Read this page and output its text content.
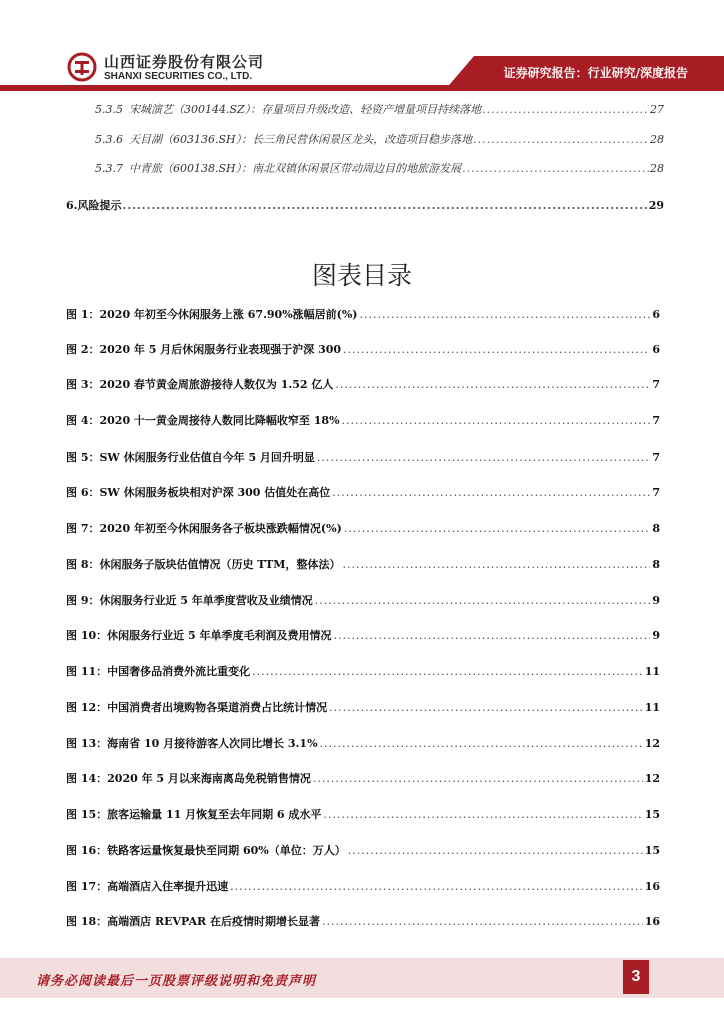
山西证券股份有限公司
SHANXI SECURITIES CO., LTD.	证券研究报告：行业研究/深度报告
5.3.5 宋城演艺（300144.SZ）：存量项目升级改造、轻资产增量项目持续落地 .....	27
5.3.6 天目湖（603136.SH）：长三角民营休闲景区龙头，改造项目稳步落地 .....	28
5.3.7 中青旅（600138.SH）：南北双镇休闲景区带动周边目的地旅游发展 .....	28
6.风险提示 .....	29
图表目录
图 1：2020 年初至今休闲服务上涨 67.90%涨幅居前(%) .....	6
图 2：2020 年 5 月后休闲服务行业表现强于沪深 300 .....	6
图 3：2020 春节黄金周旅游接待人数仅为 1.52 亿人 .....	7
图 4：2020 十一黄金周接待人数同比降幅收窄至 18% .....	7
图 5：SW 休闲服务行业估值自今年 5 月回升明显 .....	7
图 6：SW 休闲服务板块相对沪深 300 估值处在高位 .....	7
图 7：2020 年初至今休闲服务各子板块涨跌幅情况(%) .....	8
图 8：休闲服务子版块估值情况（历史 TTM，整体法） .....	8
图 9：休闲服务行业近 5 年单季度营收及业绩情况 .....	9
图 10：休闲服务行业近 5 年单季度毛利润及费用情况 .....	9
图 11：中国奢侈品消费外流比重变化 .....	11
图 12：中国消费者出境购物各渠道消费占比统计情况 .....	11
图 13：海南省 10 月接待游客人次同比增长 3.1% .....	12
图 14：2020 年 5 月以来海南离岛免税销售情况 .....	12
图 15：旅客运输量 11 月恢复至去年同期 6 成水平 .....	15
图 16：铁路客运量恢复最快至同期 60%（单位：万人） .....	15
图 17：高端酒店入住率提升迅速 .....	16
图 18：高端酒店 REVPAR 在后疫情时期增长显著 .....	16
请务必阅读最后一页股票评级说明和免责声明	3
